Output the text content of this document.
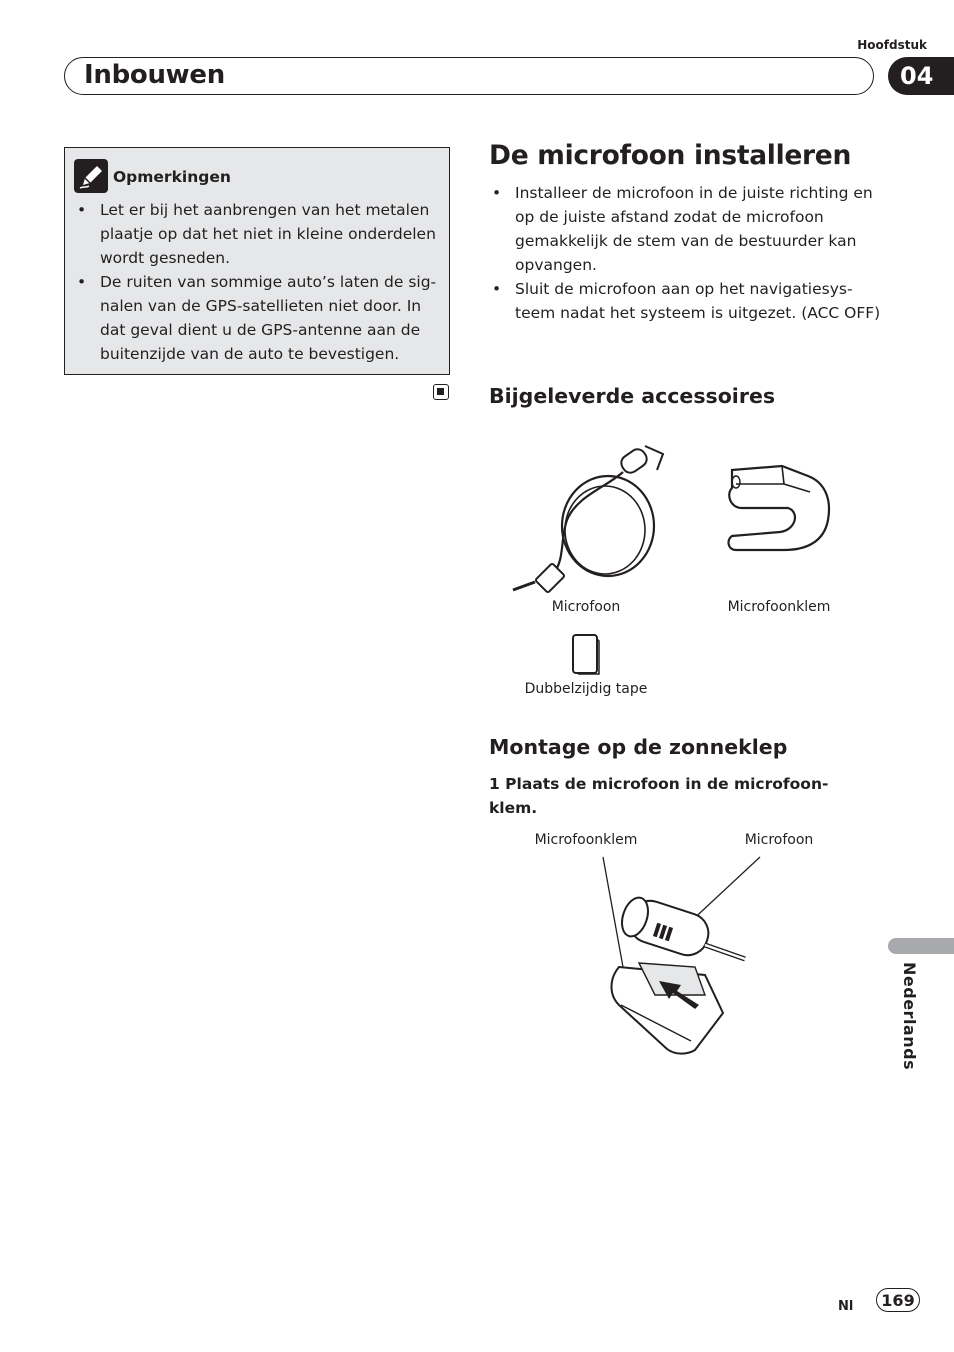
Hoofdstuk
Inbouwen	04
Opmerkingen
• Let er bij het aanbrengen van het metalen plaatje op dat het niet in kleine onderdelen wordt gesneden.
• De ruiten van sommige auto’s laten de sig-nalen van de GPS-satellieten niet door. In dat geval dient u de GPS-antenne aan de buitenzijde van de auto te bevestigen.
De microfoon installeren
• Installeer de microfoon in de juiste richting en op de juiste afstand zodat de microfoon gemakkelijk de stem van de bestuurder kan opvangen.
• Sluit de microfoon aan op het navigatiesys-teem nadat het systeem is uitgezet. (ACC OFF)
Bijgeleverde accessoires
Microfoon	Microfoonklem
Dubbelzijdig tape
Montage op de zonneklep
1 Plaats de microfoon in de microfoon-klem.
Microfoonklem	Microfoon
Nederlands
Nl	169
